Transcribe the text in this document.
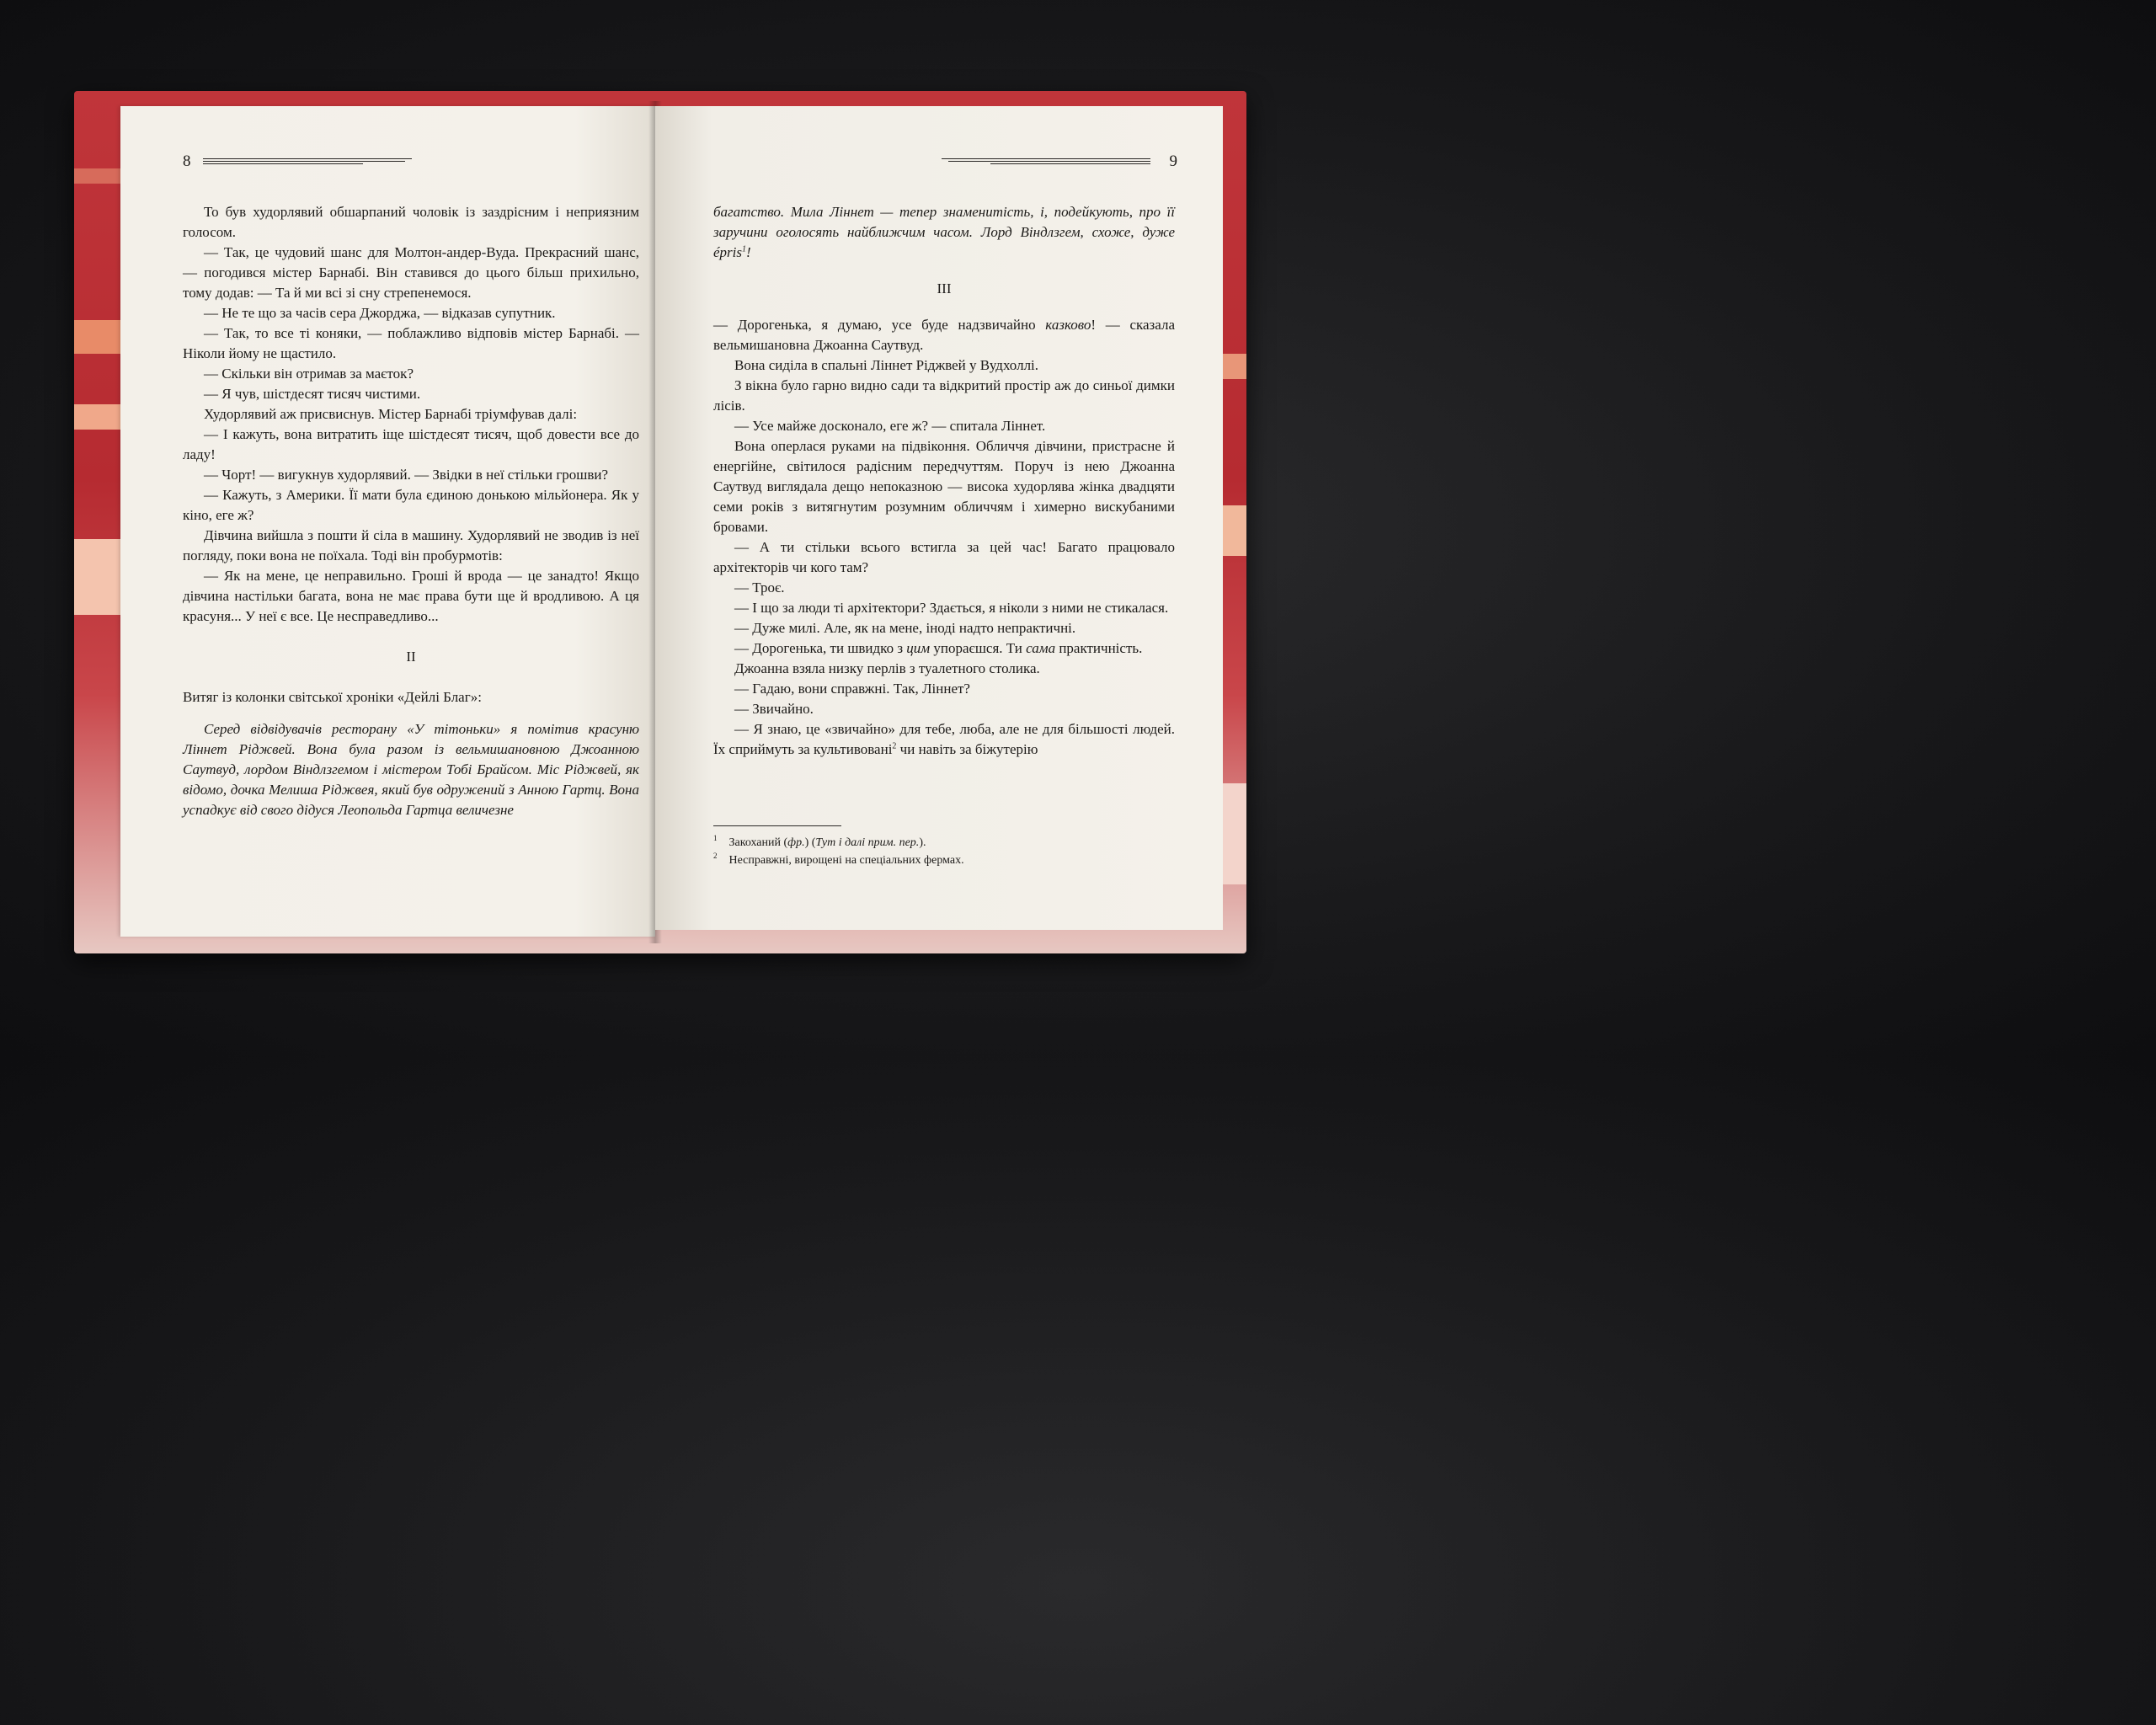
8

То був худорлявий обшарпаний чоловік із заздрісним і неприязним голосом.

— Так, це чудовий шанс для Молтон-андер-Вуда. Прекрасний шанс, — погодився містер Барнабі. Він ставився до цього більш прихильно, тому додав: — Та й ми всі зі сну стрепенемося.

— Не те що за часів сера Джорджа, — відказав супутник.

— Так, то все ті коняки, — поблажливо відповів містер Барнабі. — Ніколи йому не щастило.

— Скільки він отримав за маєток?

— Я чув, шістдесят тисяч чистими.

Худорлявий аж присвиснув. Містер Барнабі тріумфував далі:

— І кажуть, вона витратить іще шістдесят тисяч, щоб довести все до ладу!

— Чорт! — вигукнув худорлявий. — Звідки в неї стільки грошви?

— Кажуть, з Америки. Її мати була єдиною донькою мільйонера. Як у кіно, еге ж?

Дівчина вийшла з пошти й сіла в машину. Худорлявий не зводив із неї погляду, поки вона не поїхала. Тоді він пробурмотів:

— Як на мене, це неправильно. Гроші й врода — це занадто! Якщо дівчина настільки багата, вона не має права бути ще й вродливою. А ця красуня... У неї є все. Це несправедливо...

II

Витяг із колонки світської хроніки «Дейлі Благ»:

Серед відвідувачів ресторану «У тітоньки» я помітив красуню Ліннет Ріджвей. Вона була разом із вельмишановною Джоанною Саутвуд, лордом Віндлзгемом і містером Тобі Брайсом. Міс Ріджвей, як відомо, дочка Мелиша Ріджвея, який був одружений з Анною Гартц. Вона успадкує від свого дідуся Леопольда Гартца величезне

9

багатство. Мила Ліннет — тепер знаменитість, і, подейкують, про її заручини оголосять найближчим часом. Лорд Віндлзгем, схоже, дуже épris$^1$!

III

— Дорогенька, я думаю, усе буде надзвичайно казково! — сказала вельмишановна Джоанна Саутвуд.

Вона сиділа в спальні Ліннет Ріджвей у Вудхоллі.

З вікна було гарно видно сади та відкритий простір аж до синьої димки лісів.

— Усе майже досконало, еге ж? — спитала Ліннет.

Вона оперлася руками на підвіконня. Обличчя дівчини, пристрасне й енергійне, світилося радісним передчуттям. Поруч із нею Джоанна Саутвуд виглядала дещо непоказною — висока худорлява жінка двадцяти семи років з витягнутим розумним обличчям і химерно вискубаними бровами.

— А ти стільки всього встигла за цей час! Багато працювало архітекторів чи кого там?

— Троє.

— І що за люди ті архітектори? Здається, я ніколи з ними не стикалася.

— Дуже милі. Але, як на мене, іноді надто непрактичні.

— Дорогенька, ти швидко з цим упораєшся. Ти сама практичність.

Джоанна взяла низку перлів з туалетного столика.

— Гадаю, вони справжні. Так, Ліннет?

— Звичайно.

— Я знаю, це «звичайно» для тебе, люба, але не для більшості людей. Їх сприймуть за культивовані$^2$ чи навіть за біжутерію

$^1$ Закоханий (фр.) (Тут і далі прим. пер.).

$^2$ Несправжні, вирощені на спеціальних фермах.
